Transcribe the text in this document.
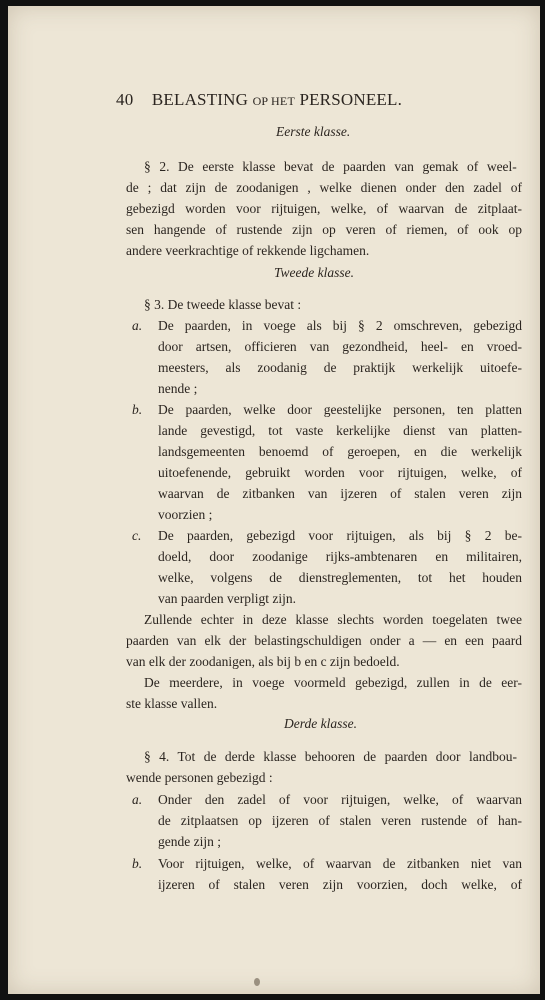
40 BELASTING OP HET PERSONEEL.
Eerste klasse.
§ 2. De eerste klasse bevat de paarden van gemak of weel-
de ; dat zijn de zoodanigen , welke dienen onder den zadel of
gebezigd worden voor rijtuigen, welke, of waarvan de zitplaat-
sen hangende of rustende zijn op veren of riemen, of ook op
andere veerkrachtige of rekkende ligchamen.
Tweede klasse.
§ 3. De tweede klasse bevat :
a. De paarden, in voege als bij § 2 omschreven, gebezigd
door artsen, officieren van gezondheid, heel- en vroed-
meesters, als zoodanig de praktijk werkelijk uitoefe-
nende ;
b. De paarden, welke door geestelijke personen, ten platten
lande gevestigd, tot vaste kerkelijke dienst van platten-
landsgemeenten benoemd of geroepen, en die werkelijk
uitoefenende, gebruikt worden voor rijtuigen, welke, of
waarvan de zitbanken van ijzeren of stalen veren zijn
voorzien ;
c. De paarden, gebezigd voor rijtuigen, als bij § 2 be-
doeld, door zoodanige rijks-ambtenaren en militairen,
welke, volgens de dienstreglementen, tot het houden
van paarden verpligt zijn.
Zullende echter in deze klasse slechts worden toegelaten twee
paarden van elk der belastingschuldigen onder a — en een paard
van elk der zoodanigen, als bij b en c zijn bedoeld.
De meerdere, in voege voormeld gebezigd, zullen in de eer-
ste klasse vallen.
Derde klasse.
§ 4. Tot de derde klasse behooren de paarden door landbou-
wende personen gebezigd :
a. Onder den zadel of voor rijtuigen, welke, of waarvan
de zitplaatsen op ijzeren of stalen veren rustende of han-
gende zijn ;
b. Voor rijtuigen, welke, of waarvan de zitbanken niet van
ijzeren of stalen veren zijn voorzien, doch welke, of
